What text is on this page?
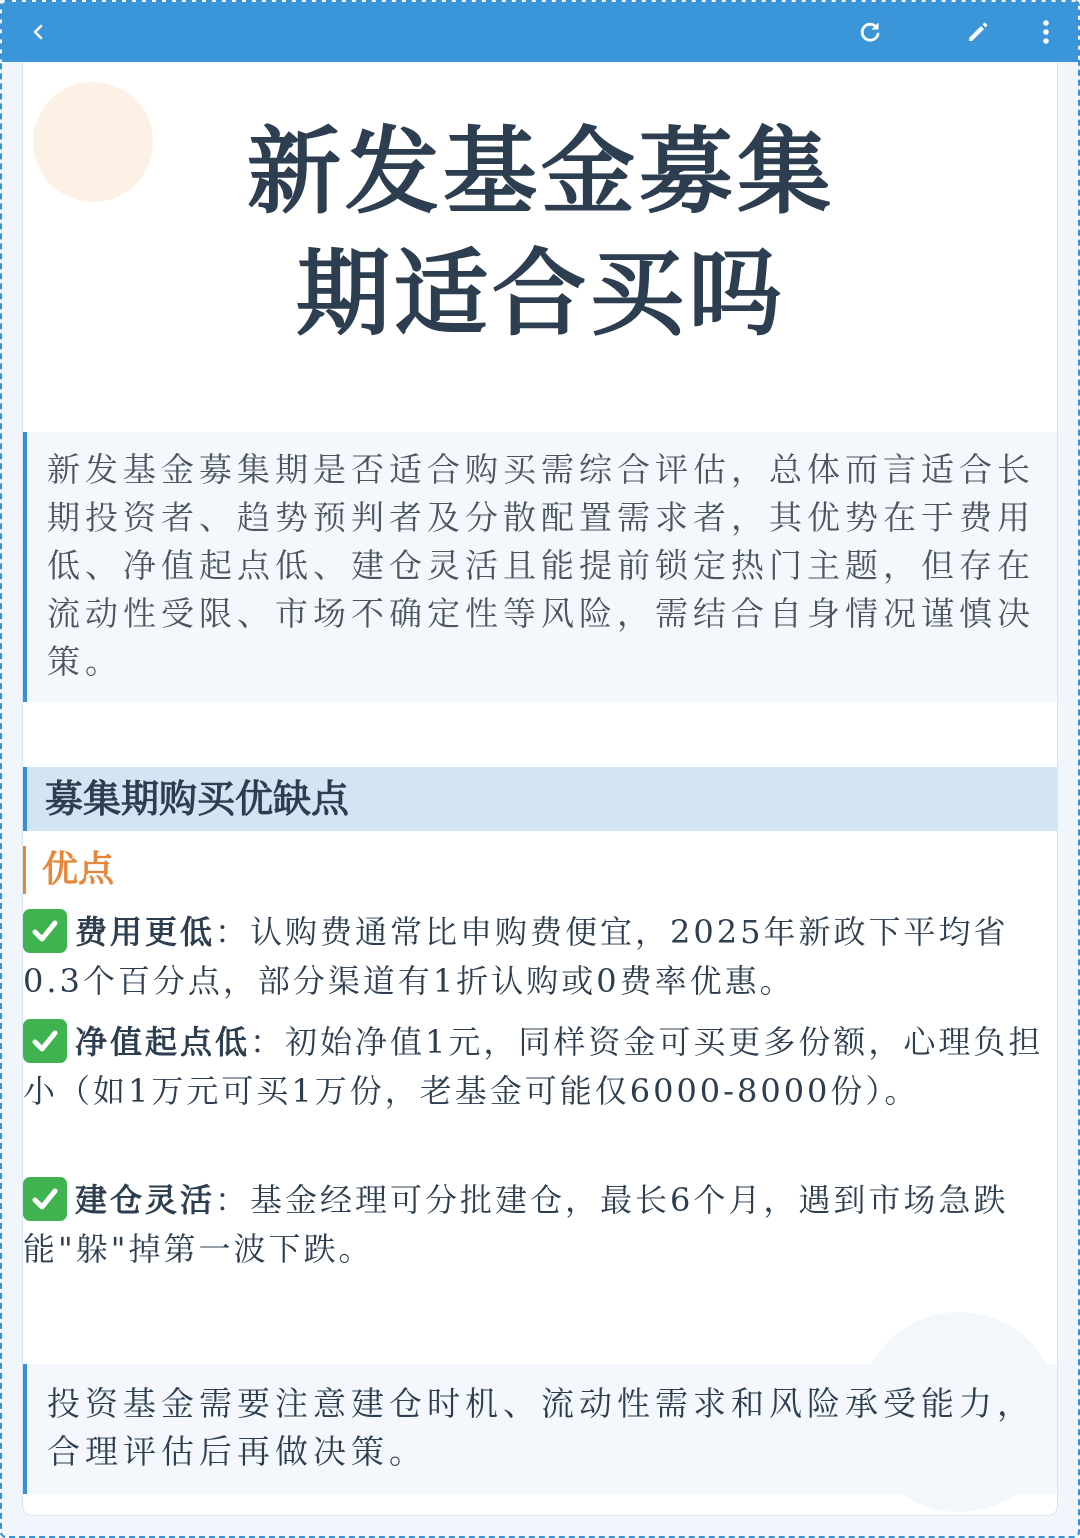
新发基金募集
期适合买吗
新发基金募集期是否适合购买需综合评估，总体而言适合长期投资者、趋势预判者及分散配置需求者，其优势在于费用低、净值起点低、建仓灵活且能提前锁定热门主题，但存在流动性受限、市场不确定性等风险，需结合自身情况谨慎决策。
募集期购买优缺点
优点
费用更低：认购费通常比申购费便宜，2025年新政下平均省0.3个百分点，部分渠道有1折认购或0费率优惠。
净值起点低：初始净值1元，同样资金可买更多份额，心理负担小（如1万元可买1万份，老基金可能仅6000-8000份）。
建仓灵活：基金经理可分批建仓，最长6个月，遇到市场急跌能"躲"掉第一波下跌。
投资基金需要注意建仓时机、流动性需求和风险承受能力，合理评估后再做决策。
